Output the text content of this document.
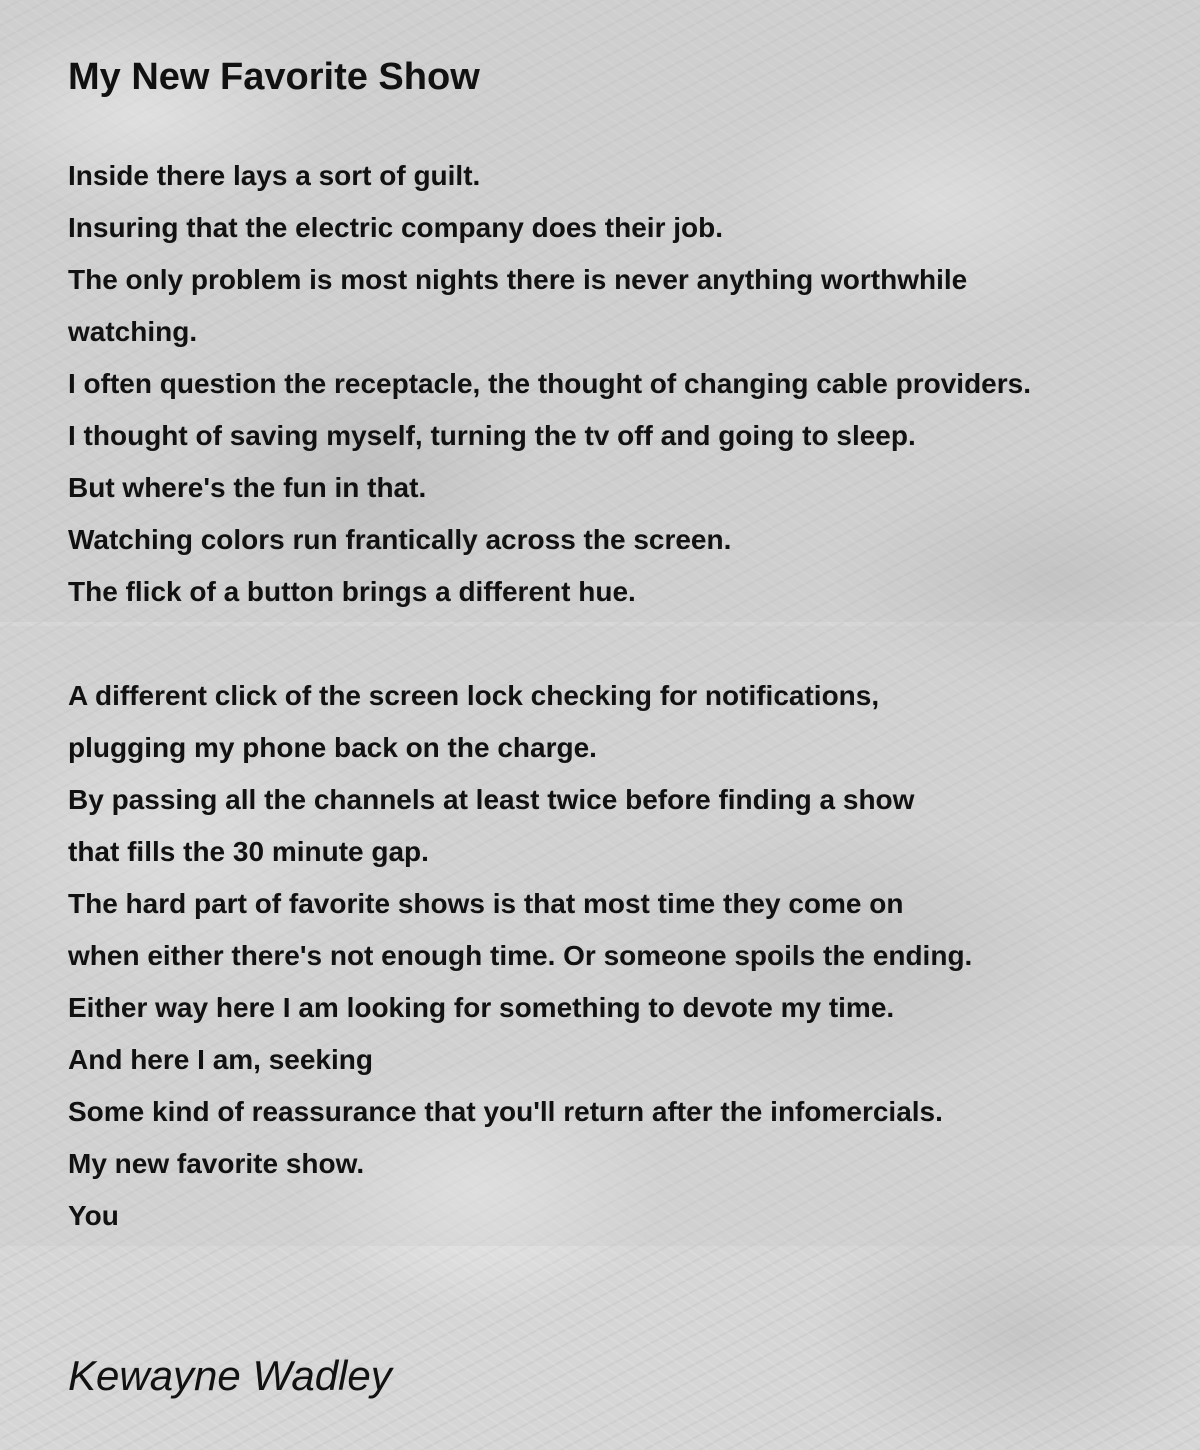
My New Favorite Show
Inside there lays a sort of guilt.
Insuring that the electric company does their job.
The only problem is most nights there is never anything worthwhile
watching.
I often question the receptacle, the thought of changing cable providers.
I thought of saving myself, turning the tv off and going to sleep.
But where's the fun in that.
Watching colors run frantically across the screen.
The flick of a button brings a different hue.
A different click of the screen lock checking for notifications,
plugging my phone back on the charge.
By passing all the channels at least twice before finding a show
that fills the 30 minute gap.
The hard part of favorite shows is that most time they come on
when either there's not enough time. Or someone spoils the ending.
Either way here I am looking for something to devote my time.
And here I am, seeking
Some kind of reassurance that you'll return after the infomercials.
My new favorite show.
You

Kewayne Wadley
